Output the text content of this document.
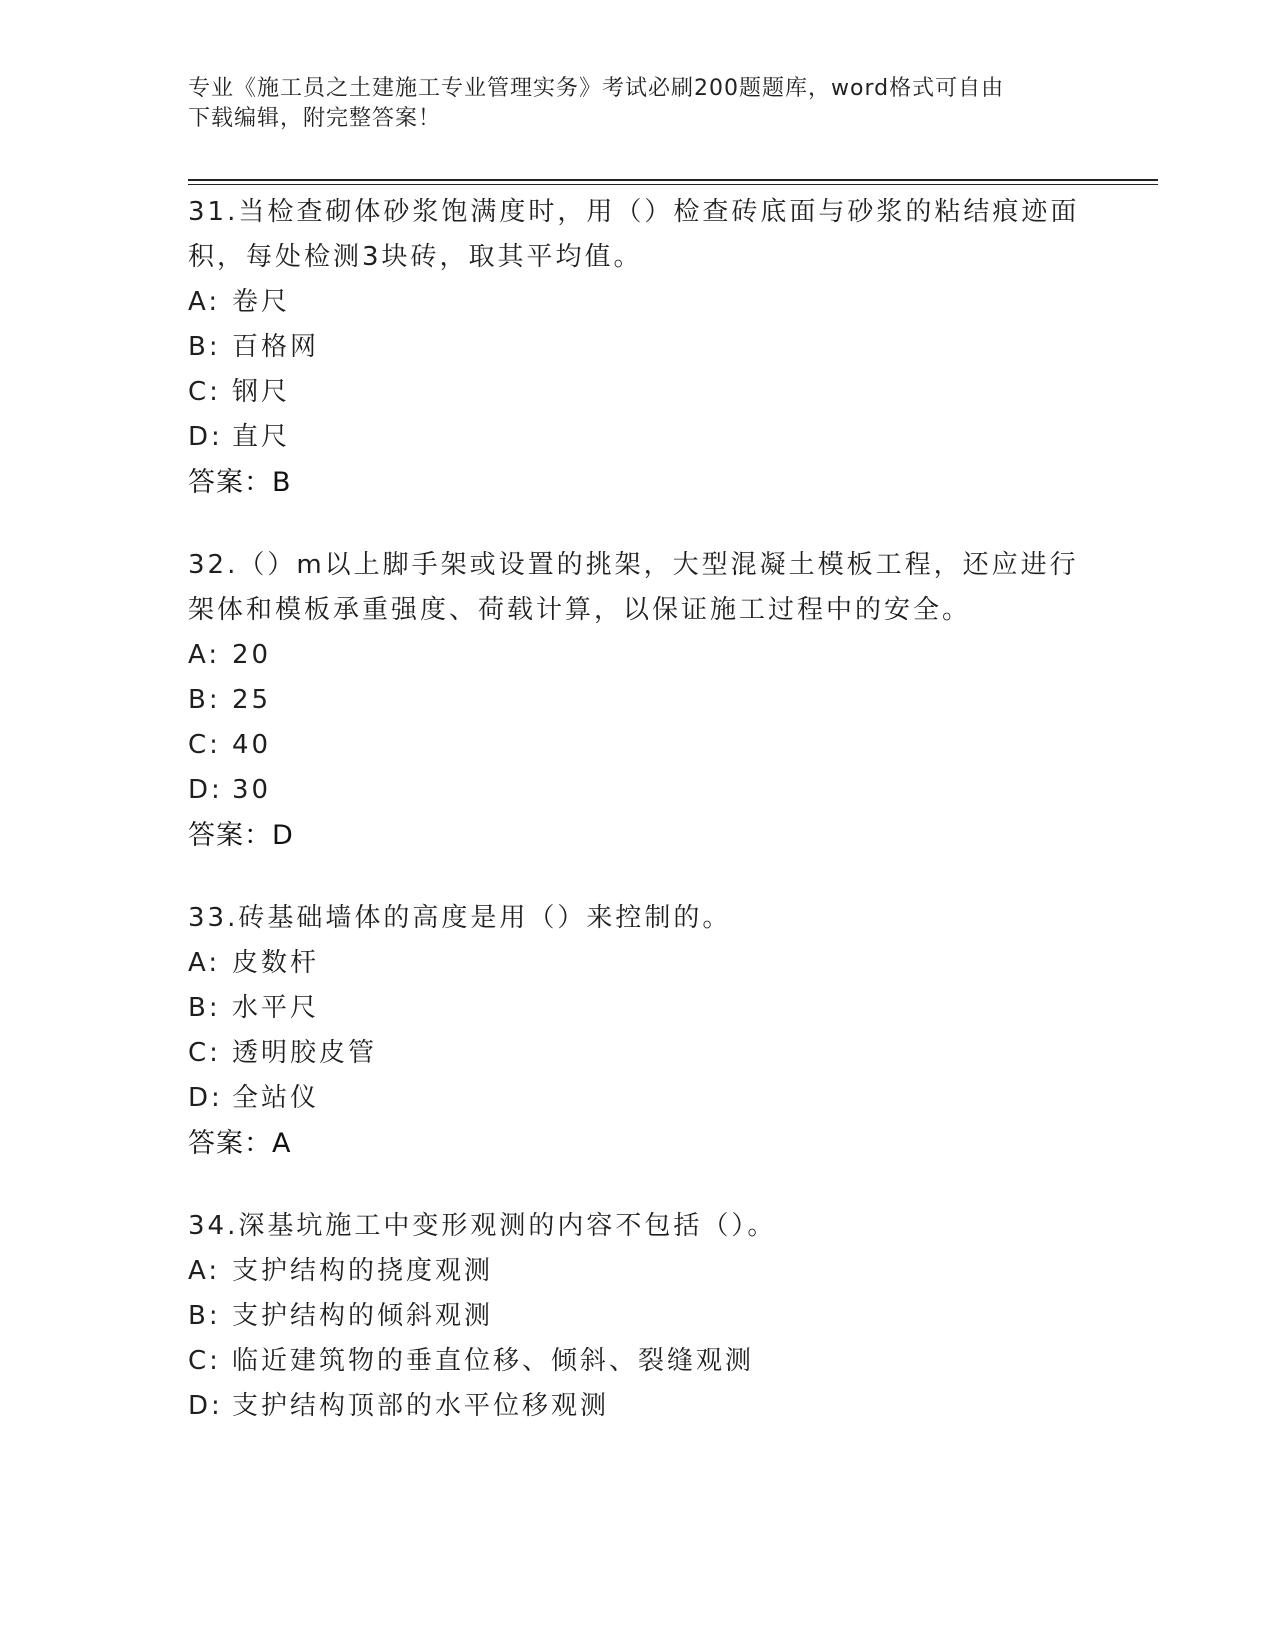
专业《施工员之土建施工专业管理实务》考试必刷200题题库，word格式可自由
下载编辑，附完整答案！
31.当检查砌体砂浆饱满度时，用（）检查砖底面与砂浆的粘结痕迹面积，每处检测3块砖，取其平均值。
A: 卷尺
B: 百格网
C: 钢尺
D: 直尺
答案：B
32.（）m以上脚手架或设置的挑架，大型混凝土模板工程，还应进行架体和模板承重强度、荷载计算，以保证施工过程中的安全。
A: 20
B: 25
C: 40
D: 30
答案：D
33.砖基础墙体的高度是用（）来控制的。
A: 皮数杆
B: 水平尺
C: 透明胶皮管
D: 全站仪
答案：A
34.深基坑施工中变形观测的内容不包括（）。
A: 支护结构的挠度观测
B: 支护结构的倾斜观测
C: 临近建筑物的垂直位移、倾斜、裂缝观测
D: 支护结构顶部的水平位移观测
